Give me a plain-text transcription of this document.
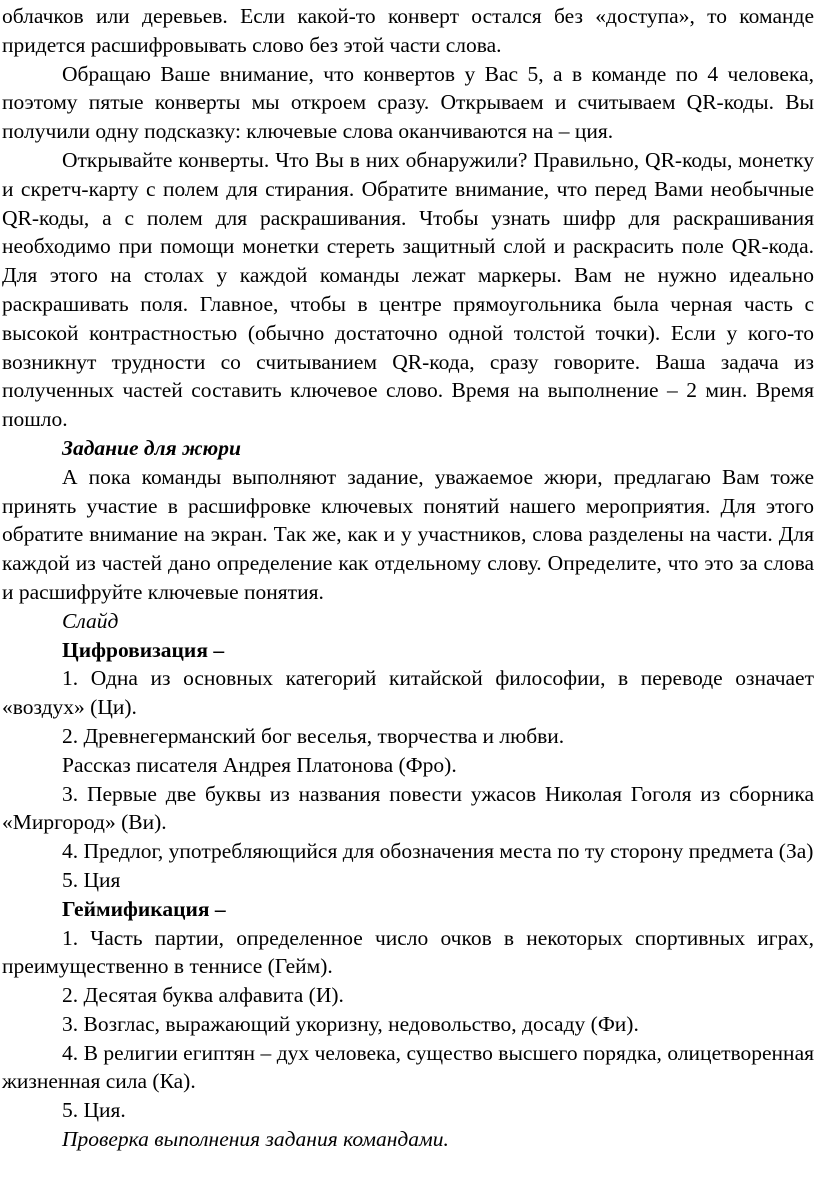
облачков или деревьев. Если какой-то конверт остался без «доступа», то команде придется расшифровывать слово без этой части слова.

Обращаю Ваше внимание, что конвертов у Вас 5, а в команде по 4 человека, поэтому пятые конверты мы откроем сразу. Открываем и считываем QR-коды. Вы получили одну подсказку: ключевые слова оканчиваются на – ция.

Открывайте конверты. Что Вы в них обнаружили? Правильно, QR-коды, монетку и скретч-карту с полем для стирания. Обратите внимание, что перед Вами необычные QR-коды, а с полем для раскрашивания. Чтобы узнать шифр для раскрашивания необходимо при помощи монетки стереть защитный слой и раскрасить поле QR-кода. Для этого на столах у каждой команды лежат маркеры. Вам не нужно идеально раскрашивать поля. Главное, чтобы в центре прямоугольника была черная часть с высокой контрастностью (обычно достаточно одной толстой точки). Если у кого-то возникнут трудности со считыванием QR-кода, сразу говорите. Ваша задача из полученных частей составить ключевое слово. Время на выполнение – 2 мин. Время пошло.

Задание для жюри

А пока команды выполняют задание, уважаемое жюри, предлагаю Вам тоже принять участие в расшифровке ключевых понятий нашего мероприятия. Для этого обратите внимание на экран. Так же, как и у участников, слова разделены на части. Для каждой из частей дано определение как отдельному слову. Определите, что это за слова и расшифруйте ключевые понятия.

Слайд

Цифровизация –

1. Одна из основных категорий китайской философии, в переводе означает «воздух» (Ци).

2. Древнегерманский бог веселья, творчества и любви.

Рассказ писателя Андрея Платонова (Фро).

3. Первые две буквы из названия повести ужасов Николая Гоголя из сборника «Миргород» (Ви).

4. Предлог, употребляющийся для обозначения места по ту сторону предмета (За)

5. Ция

Геймификация –

1. Часть партии, определенное число очков в некоторых спортивных играх, преимущественно в теннисе (Гейм).

2. Десятая буква алфавита (И).

3. Возглас, выражающий укоризну, недовольство, досаду (Фи).

4. В религии египтян – дух человека, существо высшего порядка, олицетворенная жизненная сила (Ка).

5. Ция.

Проверка выполнения задания командами.
